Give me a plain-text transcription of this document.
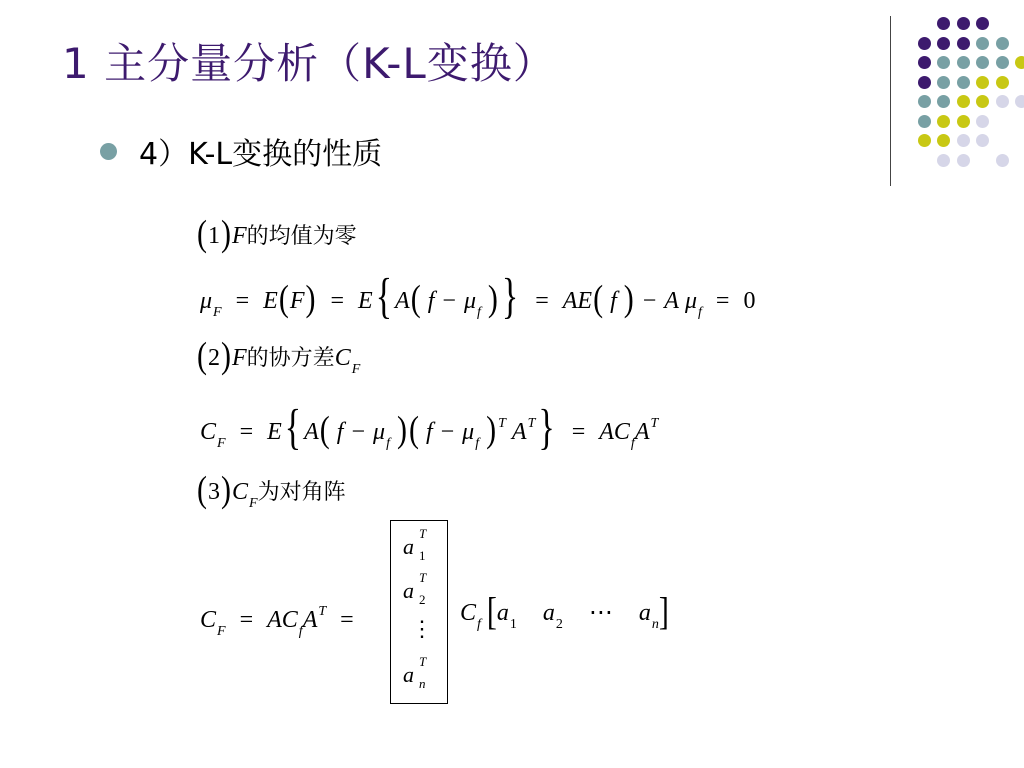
1 主分量分析（K-L变换）
4）K-L变换的性质
(1)F的均值为零
$\mu_F = E(F) = E${ A( $f - \mu_f$ ) } = AE( f ) − A $\mu_f = 0$
(2)F的协方差$C_F$
$C_F = E${ A( $f - \mu_f$ )( $f - \mu_f$ ) $^T$ $A^T\} = AC_fA^T$
$(3)C_F$为对角阵
$C_F = AC_fA^T$ =
a
T
1
a
T
2
⋮
a
T
n
$C_f$ [$a_1$ $a_2$ ⋯ $a_n$]
